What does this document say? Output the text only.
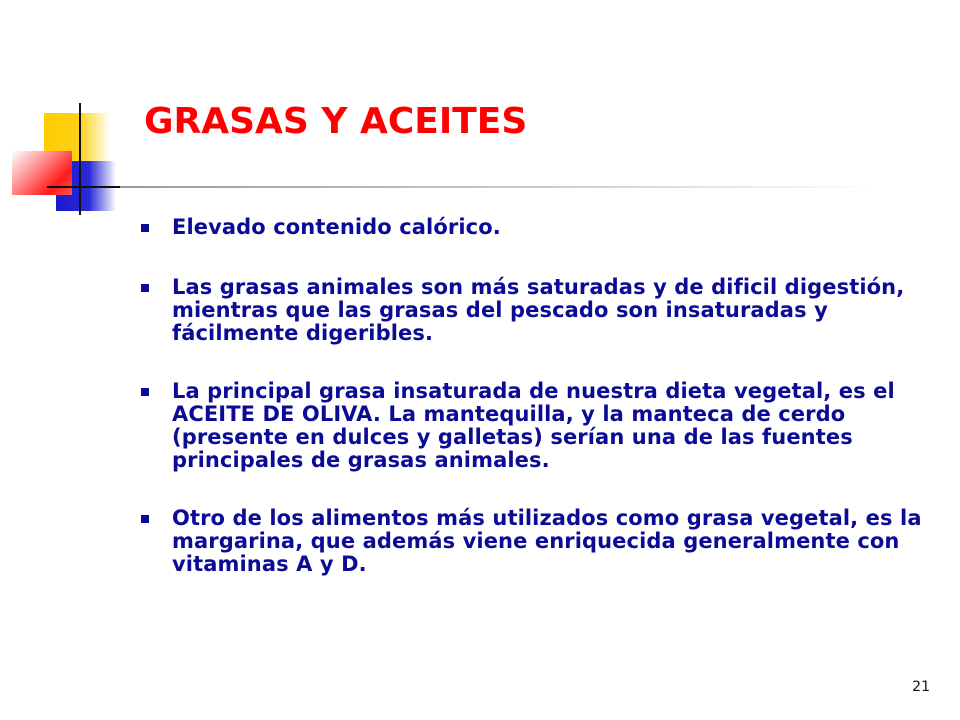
GRASAS Y ACEITES
Elevado contenido calórico.
Las grasas animales son más saturadas y de dificil digestión, mientras que las grasas del pescado son insaturadas y fácilmente digeribles.
La principal grasa insaturada de nuestra dieta vegetal, es el ACEITE DE OLIVA. La mantequilla, y la manteca de cerdo (presente en dulces y galletas) serían una de las fuentes principales de grasas animales.
Otro de los alimentos más utilizados como grasa vegetal, es la margarina, que además viene enriquecida generalmente con vitaminas A y D.
21
